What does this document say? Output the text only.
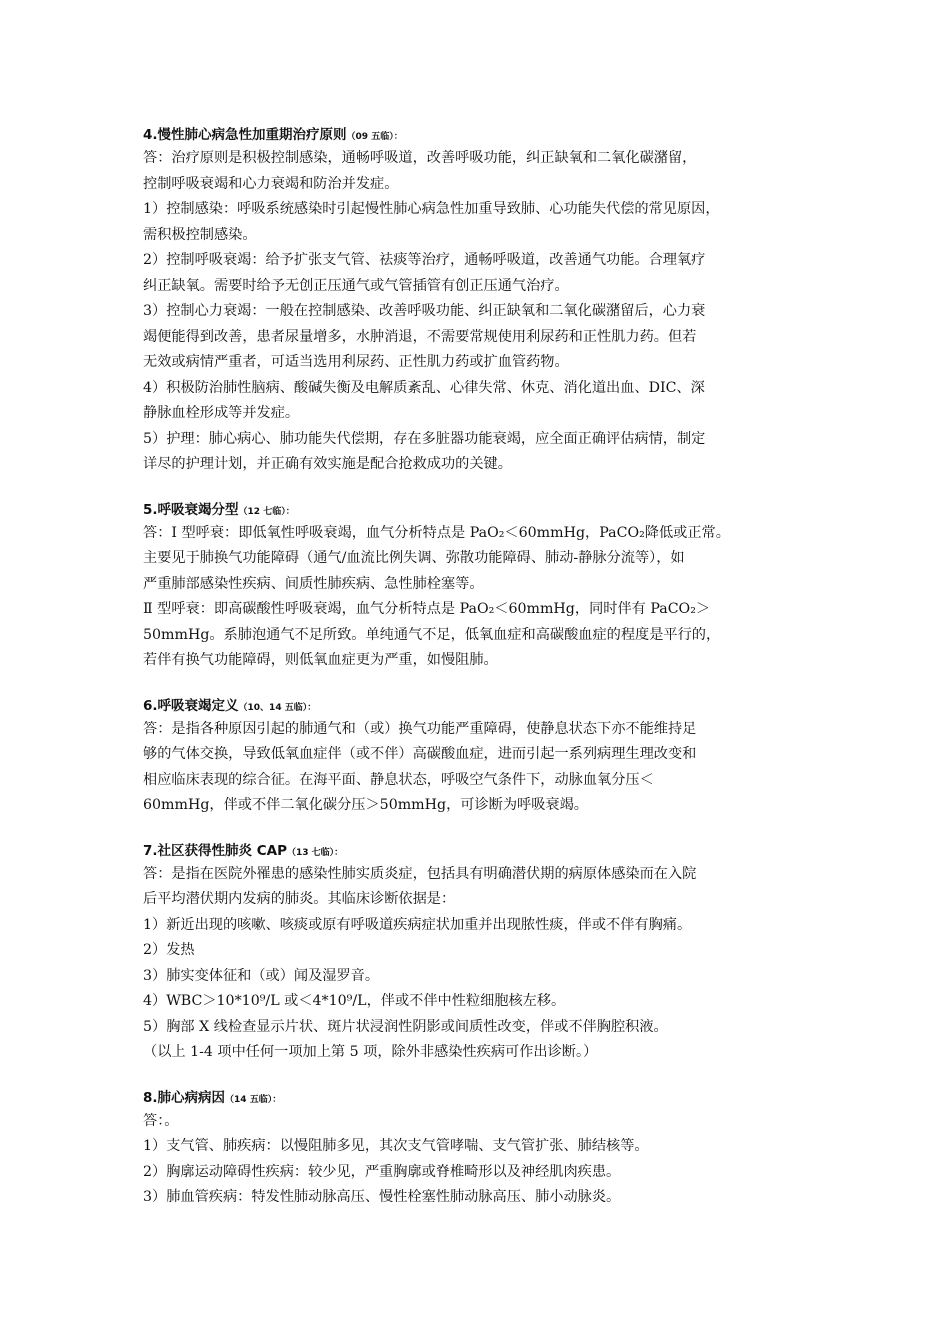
4.慢性肺心病急性加重期治疗原则（09 五临）：
答：治疗原则是积极控制感染，通畅呼吸道，改善呼吸功能，纠正缺氧和二氧化碳潴留，
控制呼吸衰竭和心力衰竭和防治并发症。
1）控制感染：呼吸系统感染时引起慢性肺心病急性加重导致肺、心功能失代偿的常见原因，
需积极控制感染。
2）控制呼吸衰竭：给予扩张支气管、祛痰等治疗，通畅呼吸道，改善通气功能。合理氧疗
纠正缺氧。需要时给予无创正压通气或气管插管有创正压通气治疗。
3）控制心力衰竭：一般在控制感染、改善呼吸功能、纠正缺氧和二氧化碳潴留后，心力衰
竭便能得到改善，患者尿量增多，水肿消退，不需要常规使用利尿药和正性肌力药。但若
无效或病情严重者，可适当选用利尿药、正性肌力药或扩血管药物。
4）积极防治肺性脑病、酸碱失衡及电解质紊乱、心律失常、休克、消化道出血、DIC、深
静脉血栓形成等并发症。
5）护理：肺心病心、肺功能失代偿期，存在多脏器功能衰竭，应全面正确评估病情，制定
详尽的护理计划，并正确有效实施是配合抢救成功的关键。
5.呼吸衰竭分型（12 七临）：
答：I 型呼衰：即低氧性呼吸衰竭，血气分析特点是 PaO₂＜60mmHg，PaCO₂降低或正常。
主要见于肺换气功能障碍（通气/血流比例失调、弥散功能障碍、肺动-静脉分流等），如
严重肺部感染性疾病、间质性肺疾病、急性肺栓塞等。
Ⅱ 型呼衰：即高碳酸性呼吸衰竭，血气分析特点是 PaO₂＜60mmHg，同时伴有 PaCO₂＞
50mmHg。系肺泡通气不足所致。单纯通气不足，低氧血症和高碳酸血症的程度是平行的，
若伴有换气功能障碍，则低氧血症更为严重，如慢阻肺。
6.呼吸衰竭定义（10、14 五临）：
答：是指各种原因引起的肺通气和（或）换气功能严重障碍，使静息状态下亦不能维持足
够的气体交换，导致低氧血症伴（或不伴）高碳酸血症，进而引起一系列病理生理改变和
相应临床表现的综合征。在海平面、静息状态，呼吸空气条件下，动脉血氧分压＜
60mmHg，伴或不伴二氧化碳分压＞50mmHg，可诊断为呼吸衰竭。
7.社区获得性肺炎 CAP（13 七临）：
答：是指在医院外罹患的感染性肺实质炎症，包括具有明确潜伏期的病原体感染而在入院
后平均潜伏期内发病的肺炎。其临床诊断依据是：
1）新近出现的咳嗽、咳痰或原有呼吸道疾病症状加重并出现脓性痰，伴或不伴有胸痛。
2）发热
3）肺实变体征和（或）闻及湿罗音。
4）WBC＞10*10⁹/L 或＜4*10⁹/L，伴或不伴中性粒细胞核左移。
5）胸部 X 线检查显示片状、斑片状浸润性阴影或间质性改变，伴或不伴胸腔积液。
（以上 1-4 项中任何一项加上第 5 项，除外非感染性疾病可作出诊断。）
8.肺心病病因（14 五临）：
答：。
1）支气管、肺疾病：以慢阻肺多见，其次支气管哮喘、支气管扩张、肺结核等。
2）胸廓运动障碍性疾病：较少见，严重胸廓或脊椎畸形以及神经肌肉疾患。
3）肺血管疾病：特发性肺动脉高压、慢性栓塞性肺动脉高压、肺小动脉炎。
